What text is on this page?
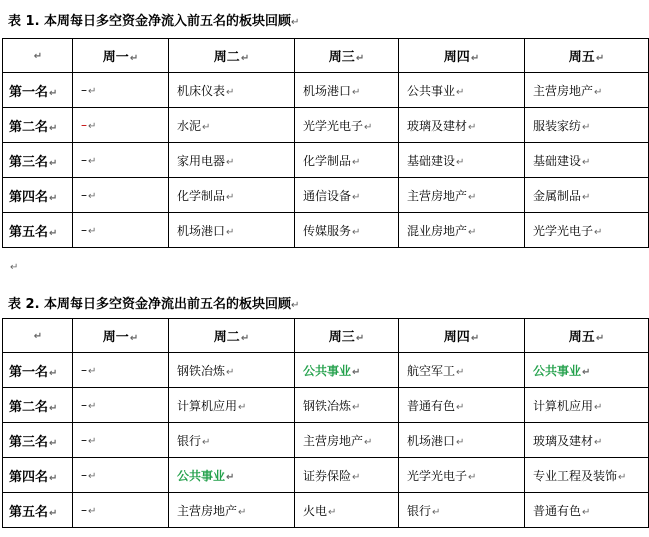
表 1. 本周每日多空资金净流入前五名的板块回顾↵
↵	周一↵	周二↵	周三↵	周四↵	周五↵
第一名↵	–↵	机床仪表↵	机场港口↵	公共事业↵	主营房地产↵
第二名↵	–↵	水泥↵	光学光电子↵	玻璃及建材↵	服装家纺↵
第三名↵	–↵	家用电器↵	化学制品↵	基础建设↵	基础建设↵
第四名↵	–↵	化学制品↵	通信设备↵	主营房地产↵	金属制品↵
第五名↵	–↵	机场港口↵	传媒服务↵	混业房地产↵	光学光电子↵
↵
表 2. 本周每日多空资金净流出前五名的板块回顾↵
↵	周一↵	周二↵	周三↵	周四↵	周五↵
第一名↵	–↵	钢铁冶炼↵	公共事业↵	航空军工↵	公共事业↵
第二名↵	–↵	计算机应用↵	钢铁冶炼↵	普通有色↵	计算机应用↵
第三名↵	–↵	银行↵	主营房地产↵	机场港口↵	玻璃及建材↵
第四名↵	–↵	公共事业↵	证券保险↵	光学光电子↵	专业工程及装饰↵
第五名↵	–↵	主营房地产↵	火电↵	银行↵	普通有色↵
